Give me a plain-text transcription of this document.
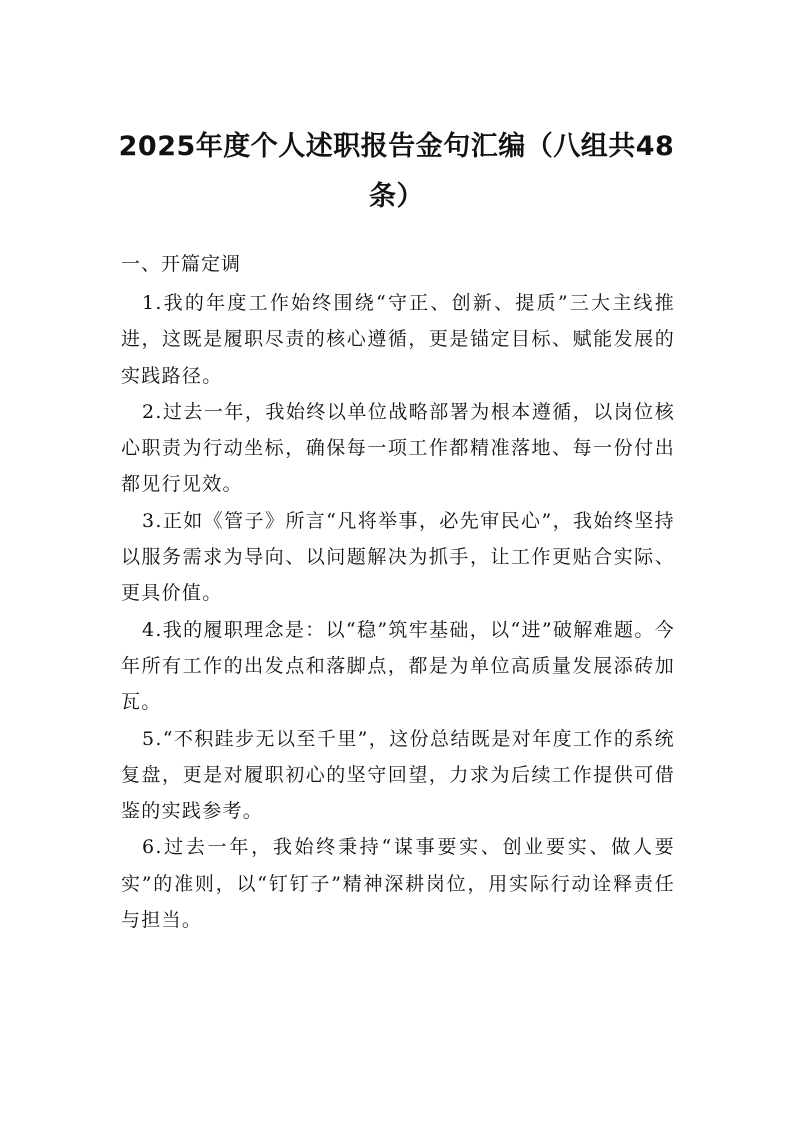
2025年度个人述职报告金句汇编（八组共48条）

一、开篇定调

1.我的年度工作始终围绕“守正、创新、提质”三大主线推进，这既是履职尽责的核心遵循，更是锚定目标、赋能发展的实践路径。

2.过去一年，我始终以单位战略部署为根本遵循，以岗位核心职责为行动坐标，确保每一项工作都精准落地、每一份付出都见行见效。

3.正如《管子》所言“凡将举事，必先审民心”，我始终坚持以服务需求为导向、以问题解决为抓手，让工作更贴合实际、更具价值。

4.我的履职理念是：以“稳”筑牢基础，以“进”破解难题。今年所有工作的出发点和落脚点，都是为单位高质量发展添砖加瓦。

5.“不积跬步无以至千里”，这份总结既是对年度工作的系统复盘，更是对履职初心的坚守回望，力求为后续工作提供可借鉴的实践参考。

6.过去一年，我始终秉持“谋事要实、创业要实、做人要实”的准则，以“钉钉子”精神深耕岗位，用实际行动诠释责任与担当。
